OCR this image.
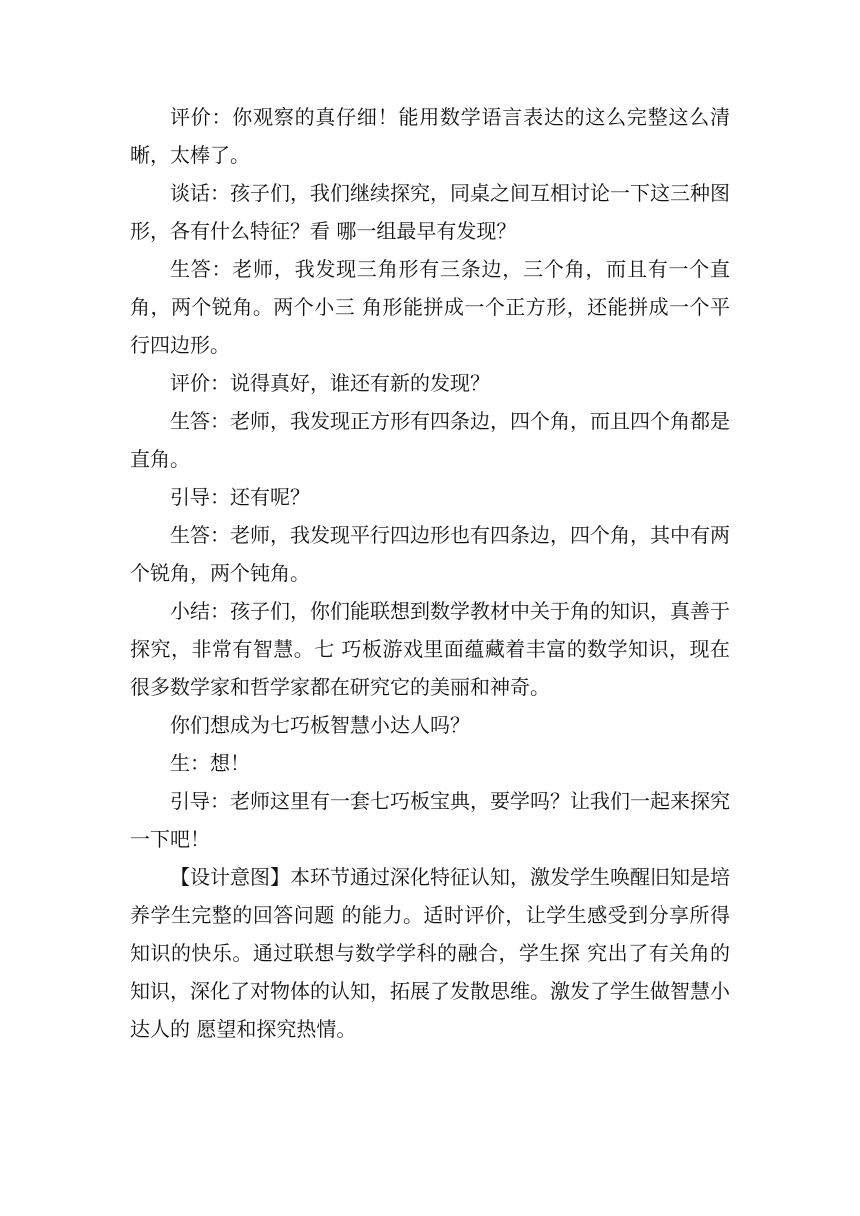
评价：你观察的真仔细！能用数学语言表达的这么完整这么清晰，太棒了。

谈话：孩子们，我们继续探究，同桌之间互相讨论一下这三种图形，各有什么特征？看 哪一组最早有发现？

生答：老师，我发现三角形有三条边，三个角，而且有一个直角，两个锐角。两个小三 角形能拼成一个正方形，还能拼成一个平行四边形。

评价：说得真好，谁还有新的发现？

生答：老师，我发现正方形有四条边，四个角，而且四个角都是直角。

引导：还有呢？

生答：老师，我发现平行四边形也有四条边，四个角，其中有两个锐角，两个钝角。

小结：孩子们，你们能联想到数学教材中关于角的知识，真善于探究，非常有智慧。七 巧板游戏里面蕴藏着丰富的数学知识，现在很多数学家和哲学家都在研究它的美丽和神奇。

你们想成为七巧板智慧小达人吗？

生：想！

引导：老师这里有一套七巧板宝典，要学吗？让我们一起来探究一下吧！

【设计意图】本环节通过深化特征认知，激发学生唤醒旧知是培养学生完整的回答问题 的能力。适时评价，让学生感受到分享所得知识的快乐。通过联想与数学学科的融合，学生探 究出了有关角的知识，深化了对物体的认知，拓展了发散思维。激发了学生做智慧小达人的 愿望和探究热情。
